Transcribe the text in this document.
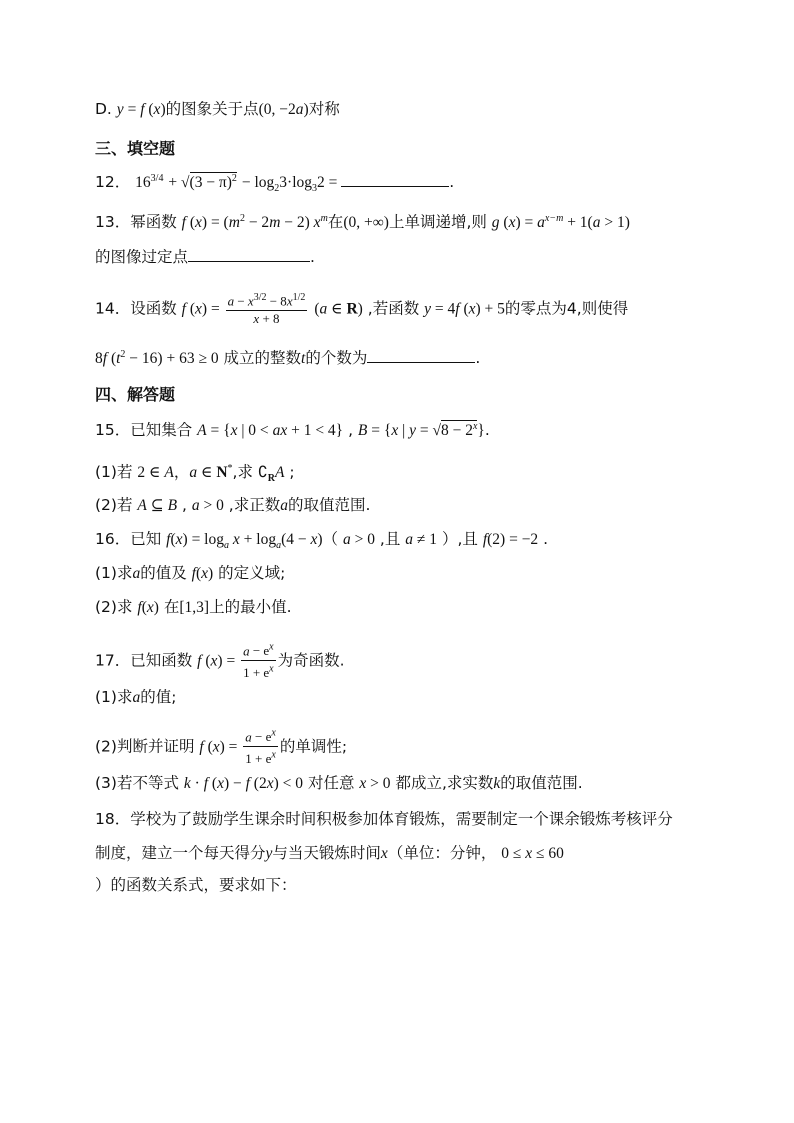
D. y = f (x)的图象关于点(0, −2a)对称
三、填空题
12． $16^{3/4} + √(3 - \pi)^2 - \log_23\cdot\log_32$ =	.
13．幂函数 f $(x) = (m^2 - 2m - 2)$ $x^m$在(0, +∞)上单调递增,则 g $(x) = a^{x-m} + 1(a > 1)$
的图像过定点	.
14．设函数 f $(x) = \frac{a - x^{3/2} - 8x^{1/2}}{x + 8} (a$ ∈ R) ,若函数 y = 4f (x) + 5的零点为4,则使得
8f $(t^2 - 16) + 63 \ge 0$ 成立的整数t的个数为	.
四、解答题
15．已知集合 A = {x | 0 < ax + 1 < 4} , B = {x | $y = √8 - 2^x$}.
(1)若 2 ∈ A，a ∈ N*,求 $∁_RA$ ;
(2)若 A ⊆ B , a > 0 ,求正数a的取值范围.
16．已知 $f(x) = \log_a x + \log_a(4 - x)$（ a > 0 ,且 a ≠ 1 ）,且 f(2) = −2 .
(1)求a的值及 f(x) 的定义域;
(2)求 f(x) 在[1,3]上的最小值.
17．已知函数 f $(x) = \frac{a - e^x}{1 + e^x}$ 为奇函数.
(1)求a的值;
(2)判断并证明 f $(x) = \frac{a - e^x}{1 + e^x}$ 的单调性;
(3)若不等式 k · f (x) − f (2x) < 0 对任意 x > 0 都成立,求实数k的取值范围.
18．学校为了鼓励学生课余时间积极参加体育锻炼，需要制定一个课余锻炼考核评分
制度，建立一个每天得分y与当天锻炼时间x（单位：分钟， 0 ≤ x ≤ 60
）的函数关系式，要求如下：
